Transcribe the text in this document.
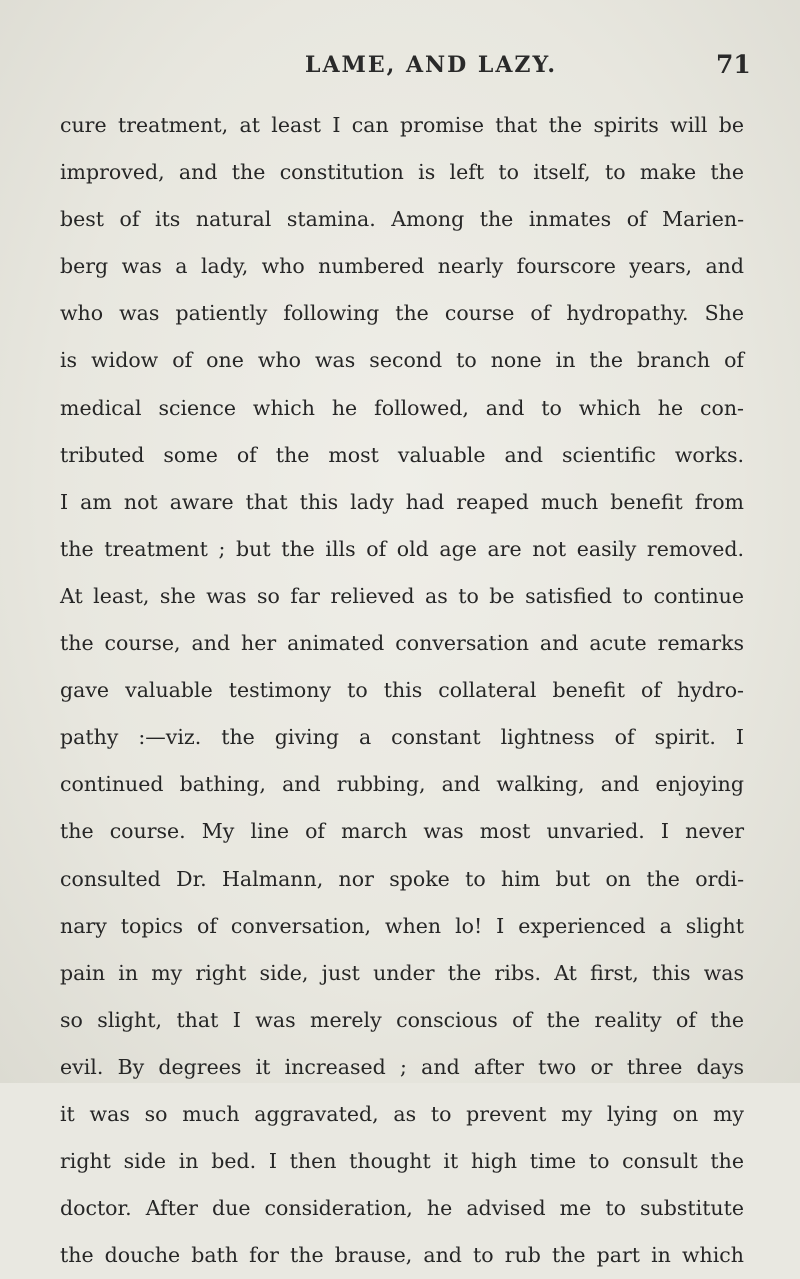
LAME, AND LAZY.	71
cure treatment, at least I can promise that the spirits will be
improved, and the constitution is left to itself, to make the
best of its natural stamina. Among the inmates of Marien-
berg was a lady, who numbered nearly fourscore years, and
who was patiently following the course of hydropathy. She
is widow of one who was second to none in the branch of
medical science which he followed, and to which he con-
tributed some of the most valuable and scientific works.
I am not aware that this lady had reaped much benefit from
the treatment ; but the ills of old age are not easily removed.
At least, she was so far relieved as to be satisfied to continue
the course, and her animated conversation and acute remarks
gave valuable testimony to this collateral benefit of hydro-
pathy :—viz. the giving a constant lightness of spirit. I
continued bathing, and rubbing, and walking, and enjoying
the course. My line of march was most unvaried. I never
consulted Dr. Halmann, nor spoke to him but on the ordi-
nary topics of conversation, when lo! I experienced a slight
pain in my right side, just under the ribs. At first, this was
so slight, that I was merely conscious of the reality of the
evil. By degrees it increased ; and after two or three days
it was so much aggravated, as to prevent my lying on my
right side in bed. I then thought it high time to consult the
doctor. After due consideration, he advised me to substitute
the douche bath for the brause, and to rub the part in which
